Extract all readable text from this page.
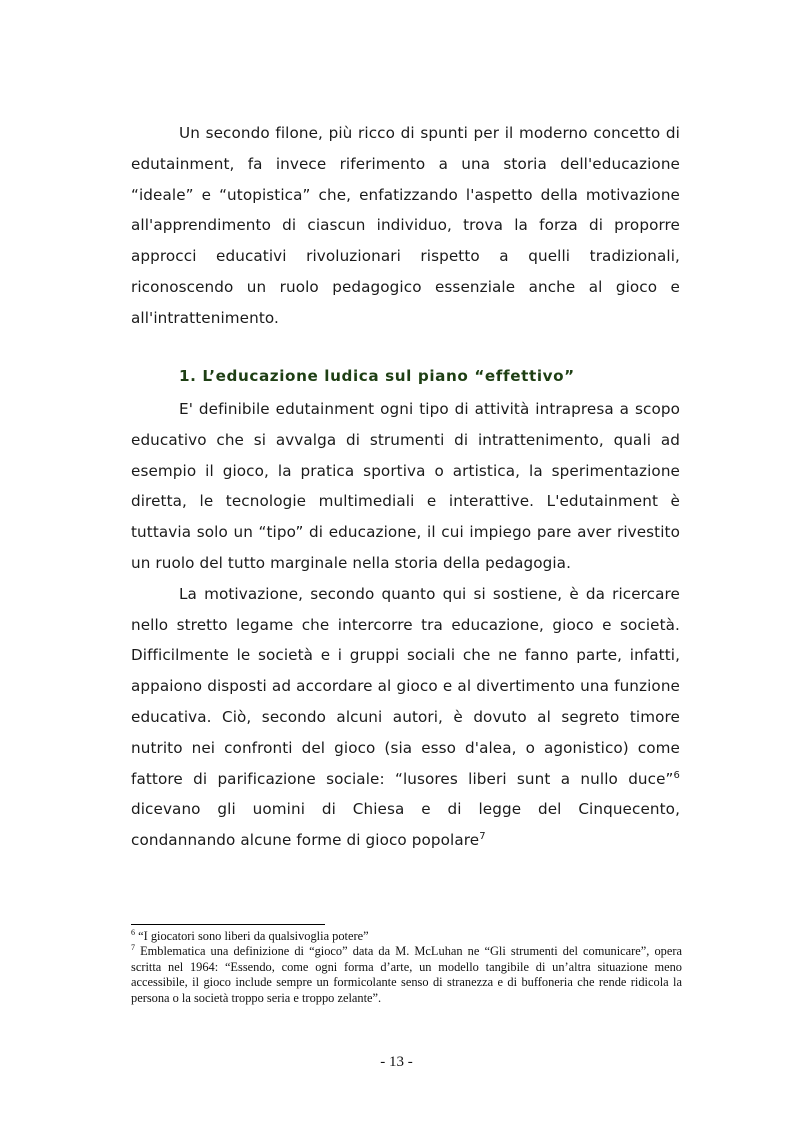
Un secondo filone, più ricco di spunti per il moderno concetto di edutainment, fa invece riferimento a una storia dell'educazione “ideale” e “utopistica” che, enfatizzando l'aspetto della motivazione all'apprendimento di ciascun individuo, trova la forza di proporre approcci educativi rivoluzionari rispetto a quelli tradizionali, riconoscendo un ruolo pedagogico essenziale anche al gioco e all'intrattenimento.

1. L’educazione ludica sul piano “effettivo”

E' definibile edutainment ogni tipo di attività intrapresa a scopo educativo che si avvalga di strumenti di intrattenimento, quali ad esempio il gioco, la pratica sportiva o artistica, la sperimentazione diretta, le tecnologie multimediali e interattive. L'edutainment è tuttavia solo un “tipo” di educazione, il cui impiego pare aver rivestito un ruolo del tutto marginale nella storia della pedagogia.

La motivazione, secondo quanto qui si sostiene, è da ricercare nello stretto legame che intercorre tra educazione, gioco e società. Difficilmente le società e i gruppi sociali che ne fanno parte, infatti, appaiono disposti ad accordare al gioco e al divertimento una funzione educativa. Ciò, secondo alcuni autori, è dovuto al segreto timore nutrito nei confronti del gioco (sia esso d'alea, o agonistico) come fattore di parificazione sociale: “lusores liberi sunt a nullo duce”$^6$ dicevano gli uomini di Chiesa e di legge del Cinquecento, condannando alcune forme di gioco popolare$^7$

$^6$ “I giocatori sono liberi da qualsivoglia potere”

$^7$ Emblematica una definizione di “gioco” data da M. McLuhan ne “Gli strumenti del comunicare”, opera scritta nel 1964: “Essendo, come ogni forma d’arte, un modello tangibile di un’altra situazione meno accessibile, il gioco include sempre un formicolante senso di stranezza e di buffoneria che rende ridicola la persona o la società troppo seria e troppo zelante”.

- 13 -
